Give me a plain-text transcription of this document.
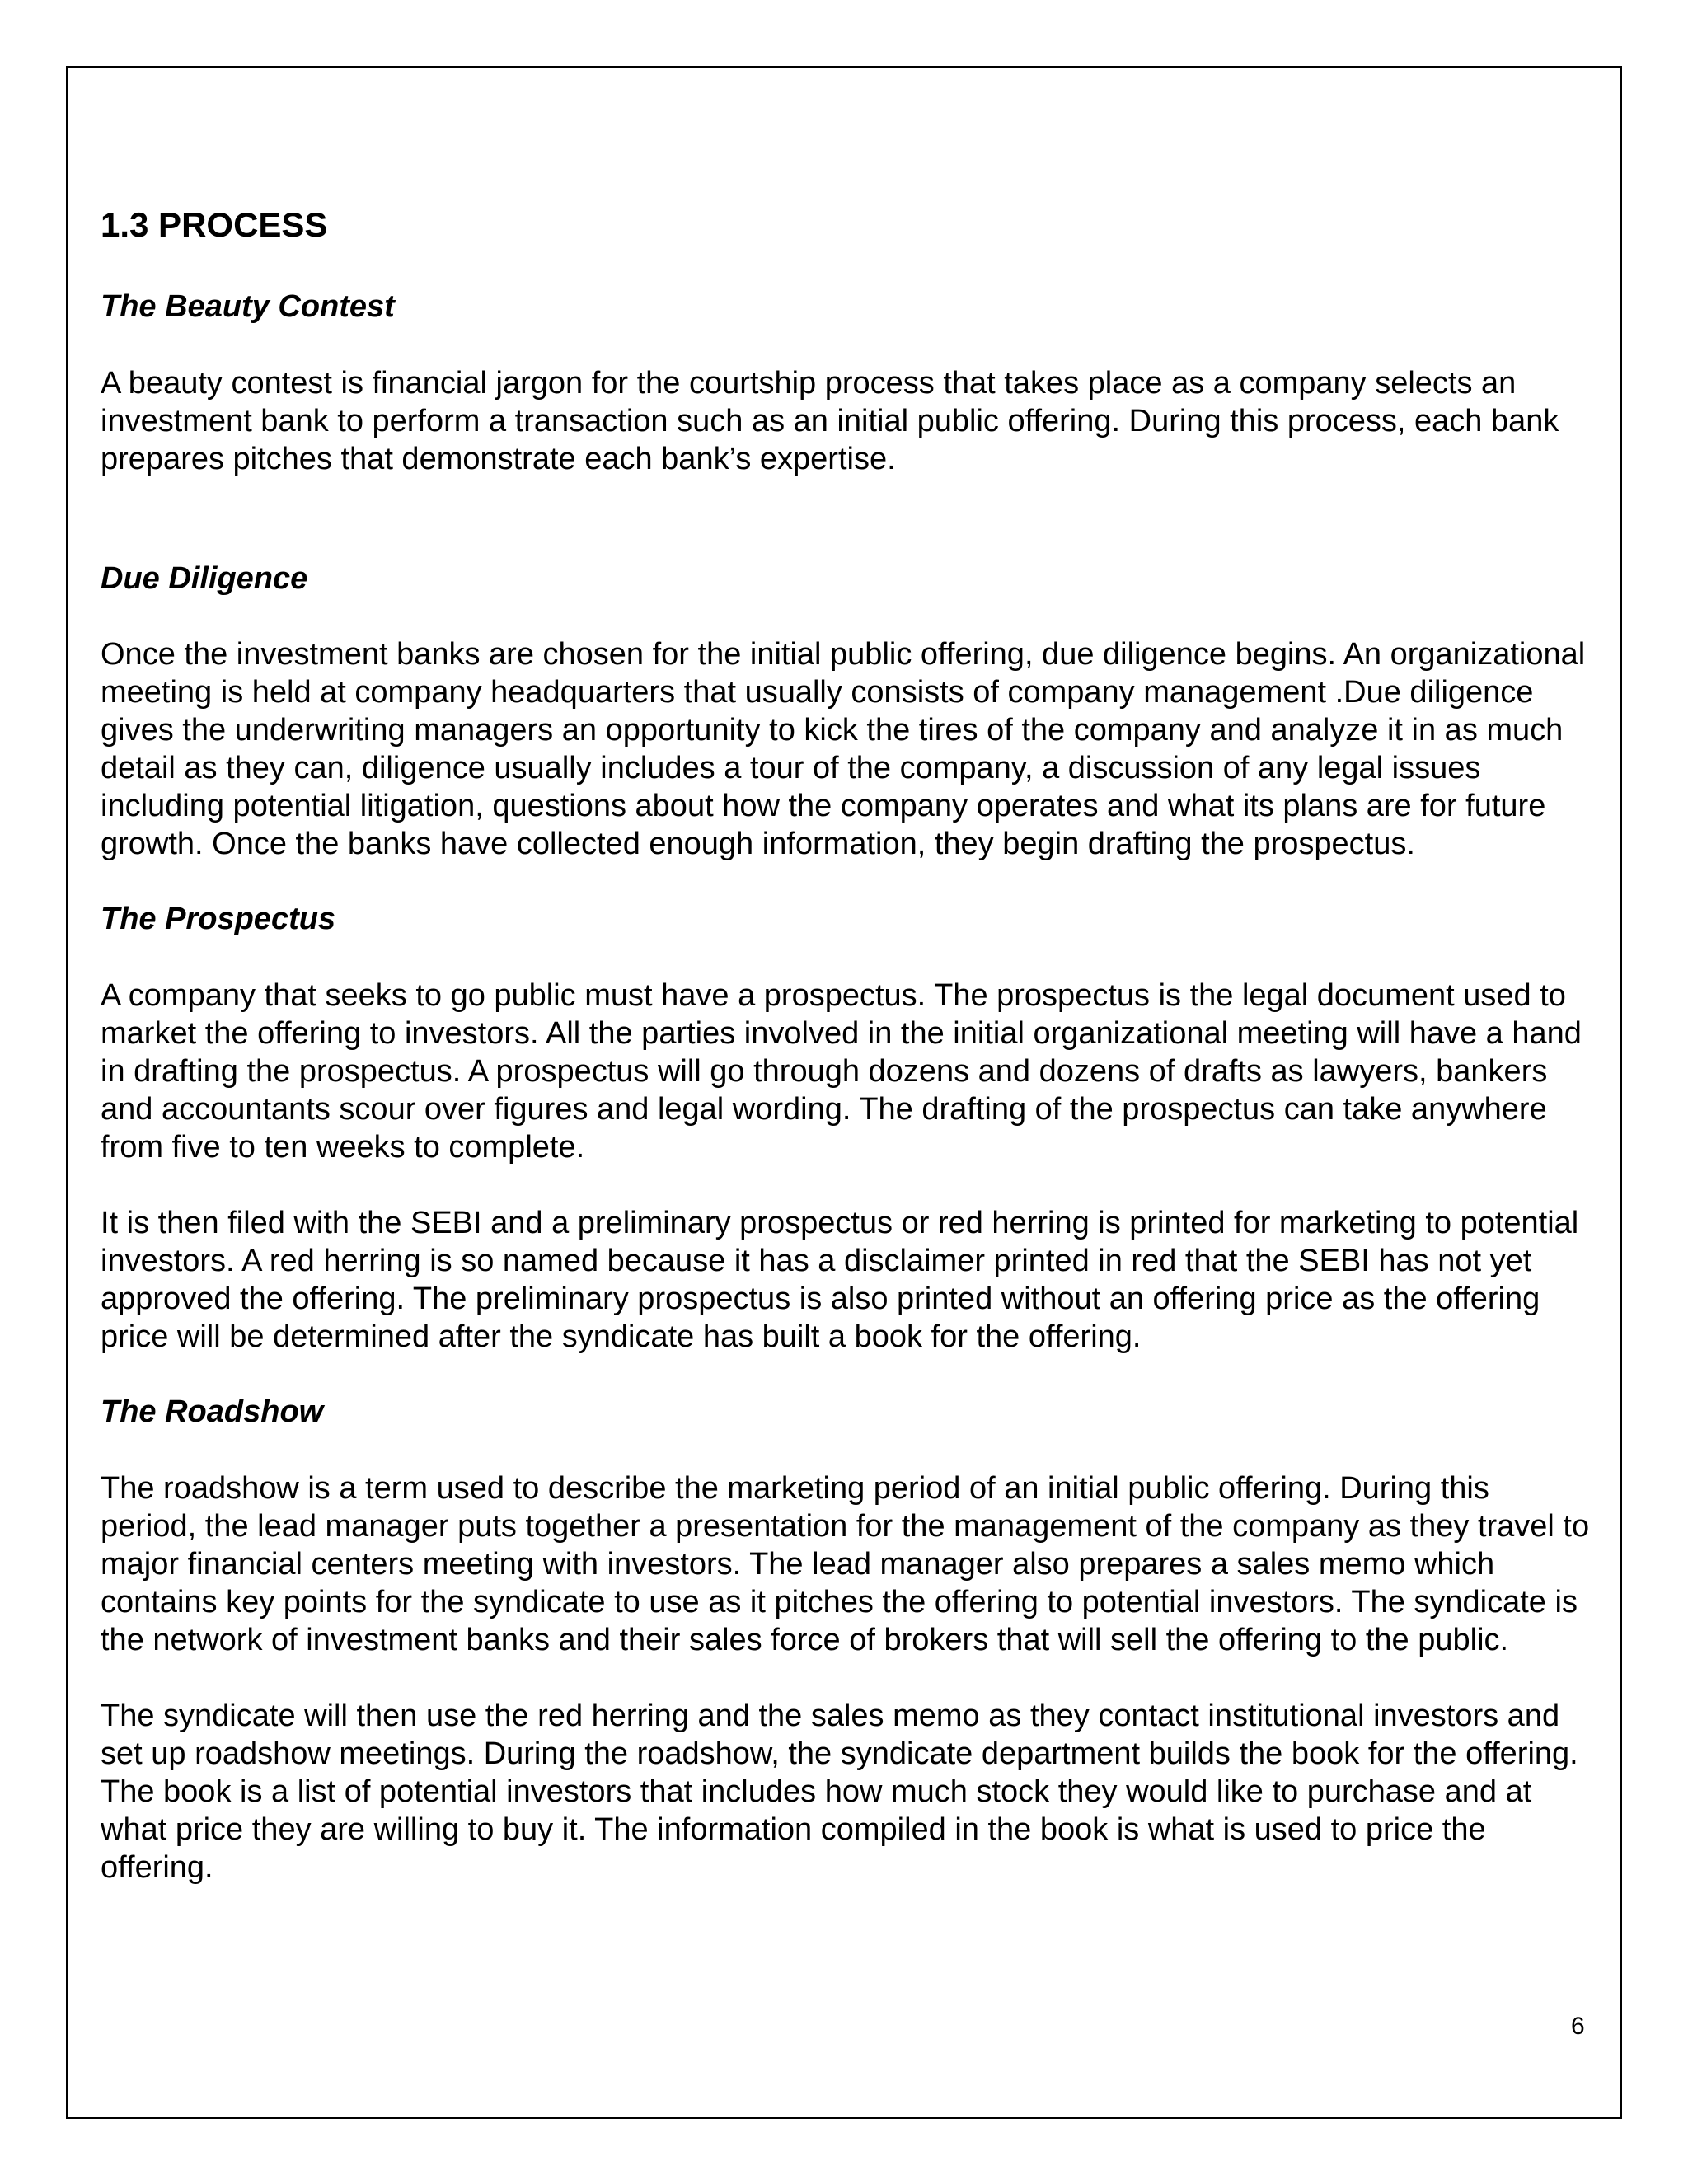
1.3 PROCESS
The Beauty Contest

A beauty contest is financial jargon for the courtship process that takes place as a company selects an investment bank to perform a transaction such as an initial public offering. During this process, each bank prepares pitches that demonstrate each bank’s expertise.

Due Diligence

Once the investment banks are chosen for the initial public offering, due diligence begins. An organizational meeting is held at company headquarters that usually consists of company management .Due diligence gives the underwriting managers an opportunity to kick the tires of the company and analyze it in as much detail as they can, diligence usually includes a tour of the company, a discussion of any legal issues including potential litigation, questions about how the company operates and what its plans are for future growth. Once the banks have collected enough information, they begin drafting the prospectus.

The Prospectus

A company that seeks to go public must have a prospectus. The prospectus is the legal document used to market the offering to investors. All the parties involved in the initial organizational meeting will have a hand in drafting the prospectus. A prospectus will go through dozens and dozens of drafts as lawyers, bankers and accountants scour over figures and legal wording. The drafting of the prospectus can take anywhere from five to ten weeks to complete.

It is then filed with the SEBI and a preliminary prospectus or red herring is printed for marketing to potential investors. A red herring is so named because it has a disclaimer printed in red that the SEBI has not yet approved the offering. The preliminary prospectus is also printed without an offering price as the offering price will be determined after the syndicate has built a book for the offering.

The Roadshow

The roadshow is a term used to describe the marketing period of an initial public offering. During this period, the lead manager puts together a presentation for the management of the company as they travel to major financial centers meeting with investors. The lead manager also prepares a sales memo which contains key points for the syndicate to use as it pitches the offering to potential investors. The syndicate is the network of investment banks and their sales force of brokers that will sell the offering to the public.

The syndicate will then use the red herring and the sales memo as they contact institutional investors and set up roadshow meetings. During the roadshow, the syndicate department builds the book for the offering. The book is a list of potential investors that includes how much stock they would like to purchase and at what price they are willing to buy it. The information compiled in the book is what is used to price the offering.

6
